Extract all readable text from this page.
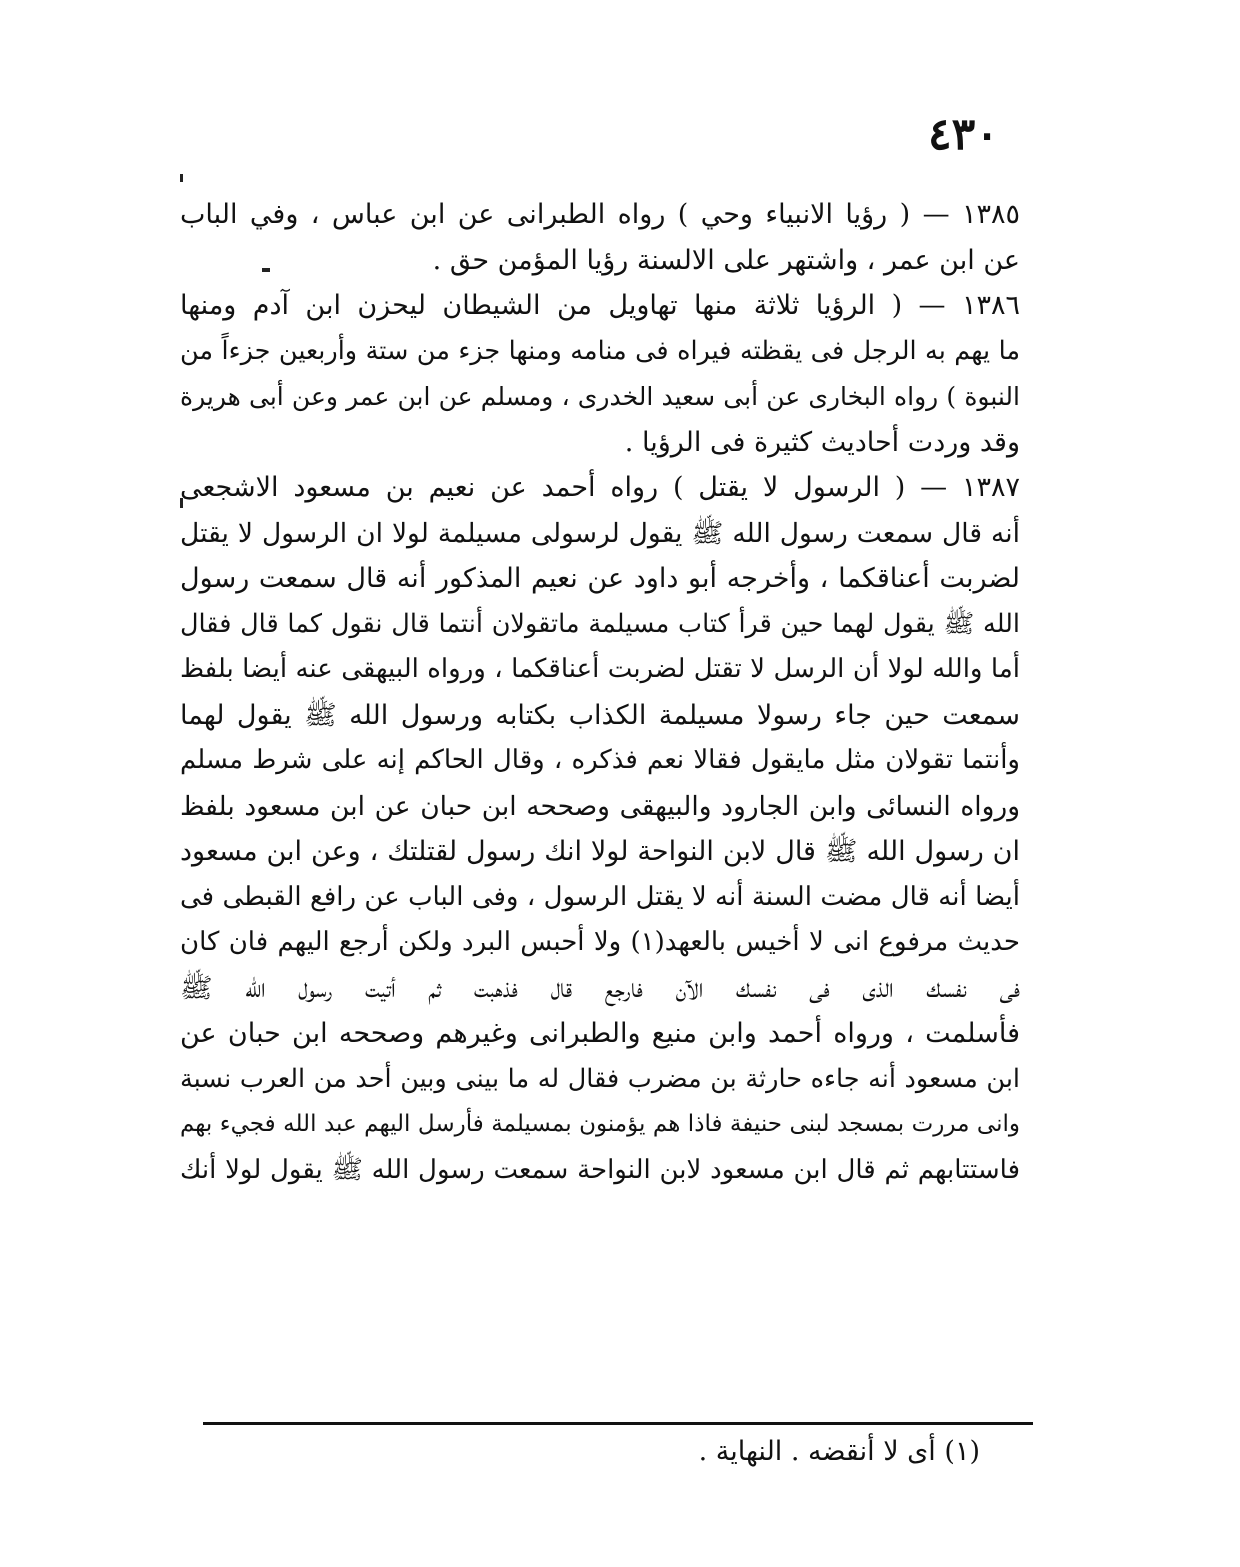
٤٣٠
١٣٨٥ — ( رؤيا الانبياء وحي ) رواه الطبرانى عن ابن عباس ، وفي الباب
عن ابن عمر ، واشتهر على الالسنة رؤيا المؤمن حق .
١٣٨٦ — ( الرؤيا ثلاثة منها تهاويل من الشيطان ليحزن ابن آدم ومنها
ما يهم به الرجل فى يقظته فيراه فى منامه ومنها جزء من ستة وأربعين جزءاً من
النبوة ) رواه البخارى عن أبى سعيد الخدرى ، ومسلم عن ابن عمر وعن أبى هريرة
وقد وردت أحاديث كثيرة فى الرؤيا .
١٣٨٧ — ( الرسول لا يقتل ) رواه أحمد عن نعيم بن مسعود الاشجعى
أنه قال سمعت رسول الله ﷺ يقول لرسولى مسيلمة لولا ان الرسول لا يقتل
لضربت أعناقكما ، وأخرجه أبو داود عن نعيم المذكور أنه قال سمعت رسول
الله ﷺ يقول لهما حين قرأ كتاب مسيلمة ماتقولان أنتما قال نقول كما قال فقال
أما والله لولا أن الرسل لا تقتل لضربت أعناقكما ، ورواه البيهقى عنه أيضا بلفظ
سمعت حين جاء رسولا مسيلمة الكذاب بكتابه ورسول الله ﷺ يقول لهما
وأنتما تقولان مثل مايقول فقالا نعم فذكره ، وقال الحاكم إنه على شرط مسلم
ورواه النسائى وابن الجارود والبيهقى وصححه ابن حبان عن ابن مسعود بلفظ
ان رسول الله ﷺ قال لابن النواحة لولا انك رسول لقتلتك ، وعن ابن مسعود
أيضا أنه قال مضت السنة أنه لا يقتل الرسول ، وفى الباب عن رافع القبطى فى
حديث مرفوع انى لا أخيس بالعهد(١) ولا أحبس البرد ولكن أرجع اليهم فان كان
فى نفسك الذى فى نفسك الآن فارجع قال فذهبت ثم أتيت رسول الله ﷺ
فأسلمت ، ورواه أحمد وابن منيع والطبرانى وغيرهم وصححه ابن حبان عن
ابن مسعود أنه جاءه حارثة بن مضرب فقال له ما بينى وبين أحد من العرب نسبة
وانى مررت بمسجد لبنى حنيفة فاذا هم يؤمنون بمسيلمة فأرسل اليهم عبد الله فجيء بهم
فاستتابهم ثم قال ابن مسعود لابن النواحة سمعت رسول الله ﷺ يقول لولا أنك
(١) أى لا أنقضه . النهاية .
